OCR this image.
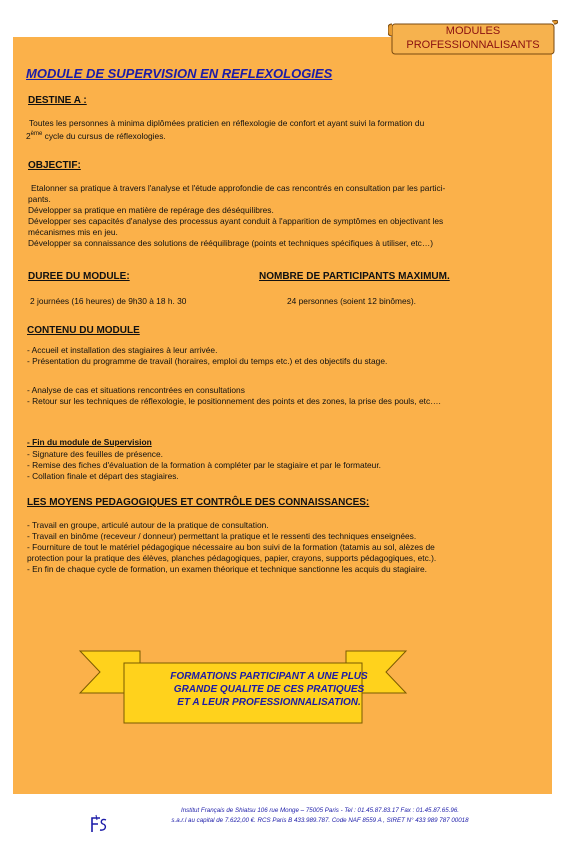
MODULES
PROFESSIONNALISANTS
MODULE DE SUPERVISION EN REFLEXOLOGIES
DESTINE A :
Toutes les personnes à minima diplômées praticien en réflexologie de confort et ayant suivi la formation du
2ème cycle du cursus de réflexologies.
OBJECTIF:
Etalonner sa pratique à travers l'analyse et l'étude approfondie de cas rencontrés en consultation par les partici-
pants.
Développer sa pratique en matière de repérage des déséquilibres.
Développer ses capacités d'analyse des processus ayant conduit à l'apparition de symptômes en objectivant les
mécanismes mis en jeu.
Développer sa connaissance des solutions de rééquilibrage (points et techniques spécifiques à utiliser, etc…)
DUREE DU MODULE:	NOMBRE DE PARTICIPANTS MAXIMUM.
2 journées (16 heures) de 9h30 à 18 h. 30	24 personnes (soient 12 binômes).
CONTENU DU MODULE
- Accueil et installation des stagiaires à leur arrivée.
- Présentation du programme de travail (horaires, emploi du temps etc.) et des objectifs du stage.
- Analyse de cas et situations rencontrées en consultations
- Retour sur les techniques de réflexologie, le positionnement des points et des zones, la prise des pouls, etc….
- Fin du module de Supervision
- Signature des feuilles de présence.
- Remise des fiches d'évaluation de la formation à compléter par le stagiaire et par le formateur.
- Collation finale et départ des stagiaires.
LES MOYENS PEDAGOGIQUES ET CONTRÔLE DES CONNAISSANCES:
- Travail en groupe, articulé autour de la pratique de consultation.
- Travail en binôme (receveur / donneur) permettant la pratique et le ressenti des techniques enseignées.
- Fourniture de tout le matériel pédagogique nécessaire au bon suivi de la formation (tatamis au sol, alèzes de
protection pour la pratique des élèves, planches pédagogiques, papier, crayons, supports pédagogiques, etc.).
- En fin de chaque cycle de formation, un examen théorique et technique sanctionne les acquis du stagiaire.
FORMATIONS PARTICIPANT A UNE PLUS
GRANDE QUALITE DE CES PRATIQUES
ET A LEUR PROFESSIONNALISATION.
Institut Français de Shiatsu 106 rue Monge – 75005 Paris - Tel : 01.45.87.83.17 Fax : 01.45.87.65.96.
s.a.r.l au capital de 7.622,00 €. RCS Paris B 433.989.787. Code NAF 8559 A , SIRET N° 433 989 787 00018
